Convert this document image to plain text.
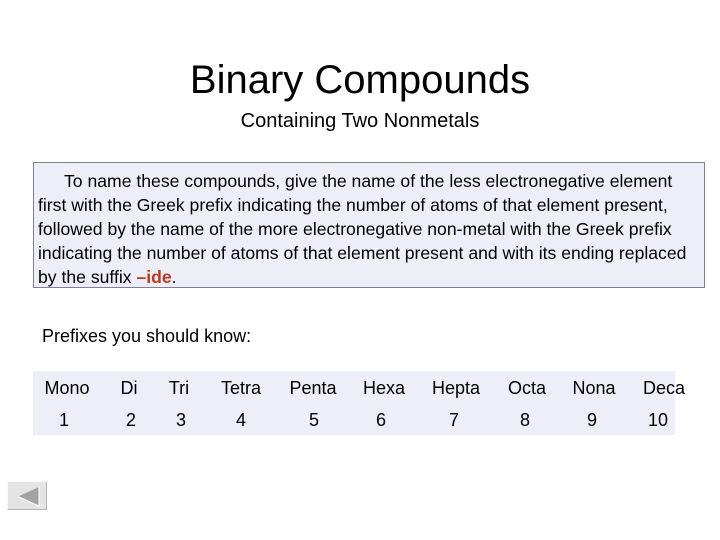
Binary Compounds
Containing Two Nonmetals
To name these compounds, give the name of the less electronegative element first with the Greek prefix indicating the number of atoms of that element present, followed by the name of the more electronegative non-metal with the Greek prefix indicating the number of atoms of that element present and with its ending replaced by the suffix –ide.
Prefixes you should know:
Mono	Di	Tri	Tetra	Penta	Hexa	Hepta	Octa	Nona	Deca
1	2	3	4	5	6	7	8	9	10
